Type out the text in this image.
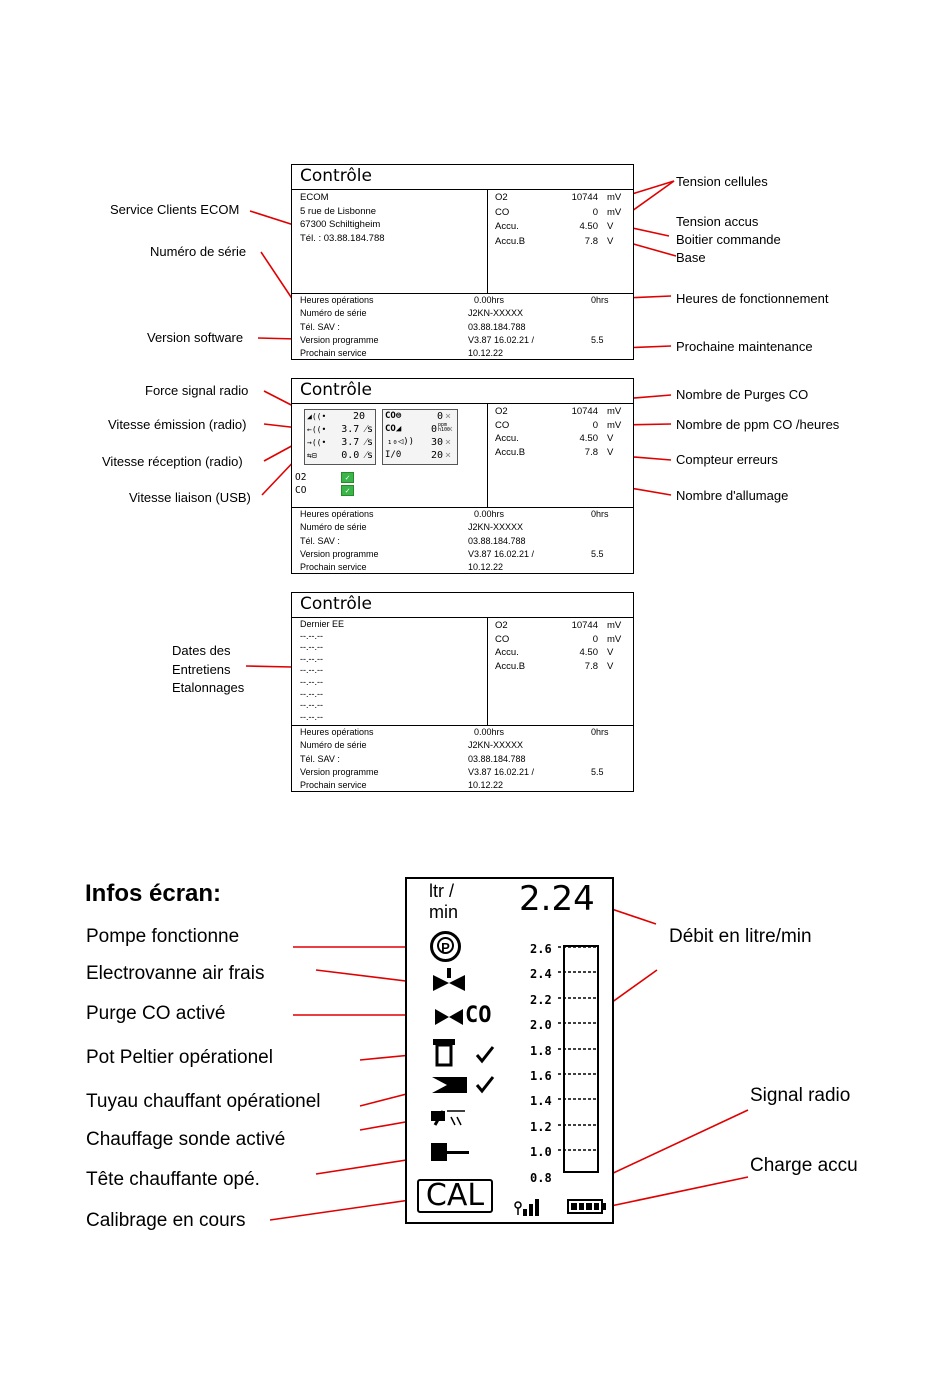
Contrôle
ECOM
5 rue de Lisbonne
67300 Schiltigheim
Tél. : 03.88.184.788
O2	10744 mV
CO	0 mV
Accu.	4.50 V
Accu.B	7.8 V
Heures opérations	0.00hrs	0hrs
Numéro de série	J2KN-XXXXX
Tél. SAV :	03.88.184.788
Version programme	V3.87 16.02.21 /	5.5
Prochain service	10.12.22
Contrôle
◢((•	20
←((•	3.7 ⁄s
→((•	3.7 ⁄s
⇆⊟	0.0 ⁄s
CO⊜	0 ×
CO◢	0 ppm h100
×
₁₀◁))	30 ×
I/0	20 ×
O2	✓
CO	✓
O2	10744 mV
CO	0 mV
Accu.	4.50 V
Accu.B	7.8 V
Heures opérations	0.00hrs	0hrs
Numéro de série	J2KN-XXXXX
Tél. SAV :	03.88.184.788
Version programme	V3.87 16.02.21 /	5.5
Prochain service	10.12.22
Contrôle
Dernier EE
--.--.--
--.--.--
--.--.--
--.--.--
--.--.--
--.--.--
--.--.--
--.--.--
O2	10744 mV
CO	0 mV
Accu.	4.50 V
Accu.B	7.8 V
Heures opérations	0.00hrs	0hrs
Numéro de série	J2KN-XXXXX
Tél. SAV :	03.88.184.788
Version programme	V3.87 16.02.21 /	5.5
Prochain service	10.12.22
Service Clients ECOM
Numéro de série
Version software
Tension cellules
Tension accus
Boitier commande
Base
Heures de fonctionnement
Prochaine maintenance
Force signal radio
Vitesse émission (radio)
Vitesse réception (radio)
Vitesse liaison (USB)
Nombre de Purges CO
Nombre de ppm CO /heures
Compteur erreurs
Nombre d'allumage
Dates des
Entretiens
Etalonnages
Infos écran:
Pompe fonctionne
Electrovanne air frais
Purge CO activé
Pot Peltier opérationel
Tuyau chauffant opérationel
Chauffage sonde activé
Tête chauffante opé.
Calibrage en cours
Débit en litre/min
Signal radio
Charge accu
ltr /
min 2.24
P
CO
2.6
2.4
2.2
2.0
1.8
1.6
1.4
1.2
1.0
0.8
CAL
